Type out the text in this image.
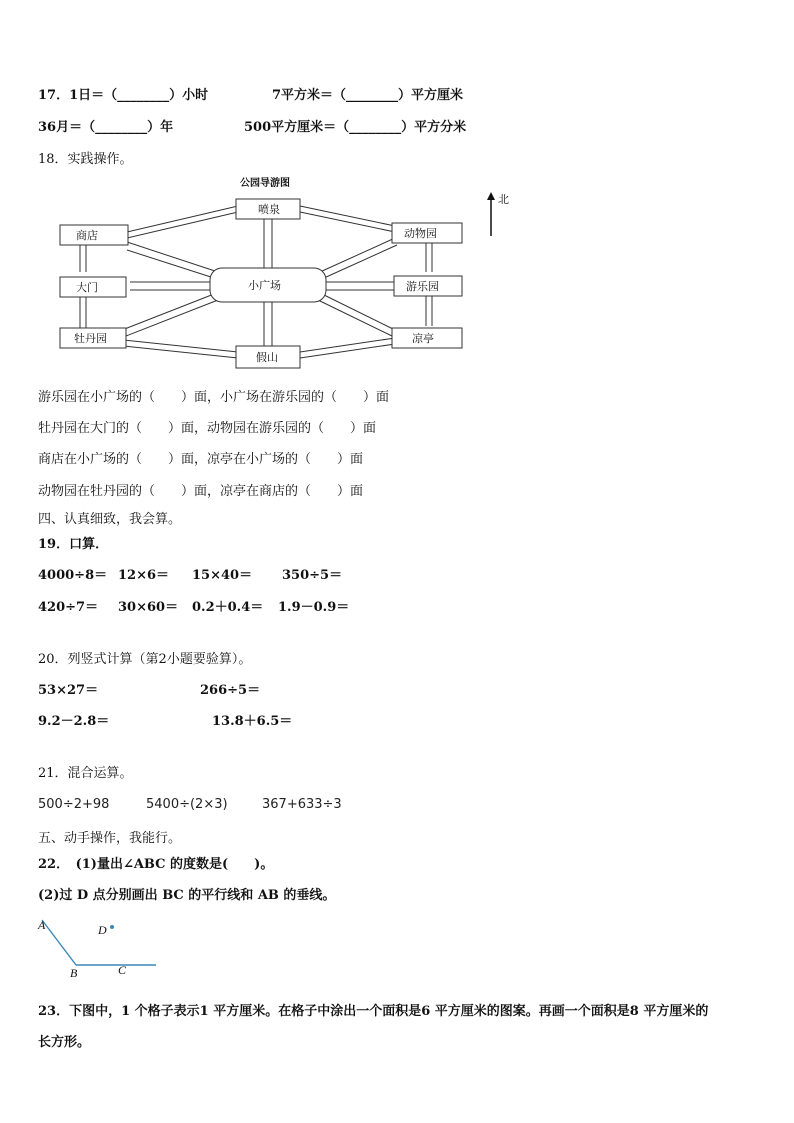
17．1日＝（________）小时	7平方米＝（________）平方厘米
36月＝（________）年	500平方厘米＝（________）平方分米
18．实践操作。
公园导游图
喷泉
商店	动物园
大门	小广场	游乐园
牡丹园	凉亭
假山
北
游乐园在小广场的（　　）面，小广场在游乐园的（　　）面
牡丹园在大门的（　　）面，动物园在游乐园的（　　）面
商店在小广场的（　　）面，凉亭在小广场的（　　）面
动物园在牡丹园的（　　）面，凉亭在商店的（　　）面
四、认真细致，我会算。
19．口算．
4000÷8＝ 12×6＝ 15×40＝ 350÷5＝
420÷7＝ 30×60＝ 0.2＋0.4＝ 1.9－0.9＝
20．列竖式计算（第2小题要验算）。
53×27＝	266÷5＝
9.2－2.8＝	13.8＋6.5＝
21．混合运算。
500÷2+98	5400÷(2×3)	367+633÷3
五、动手操作，我能行。
22．　(1)量出∠ABC 的度数是(　　)。
(2)过 D 点分别画出 BC 的平行线和 AB 的垂线。
A
B	C
D
23．下图中，1 个格子表示1 平方厘米。在格子中涂出一个面积是6 平方厘米的图案。再画一个面积是8 平方厘米的
长方形。
